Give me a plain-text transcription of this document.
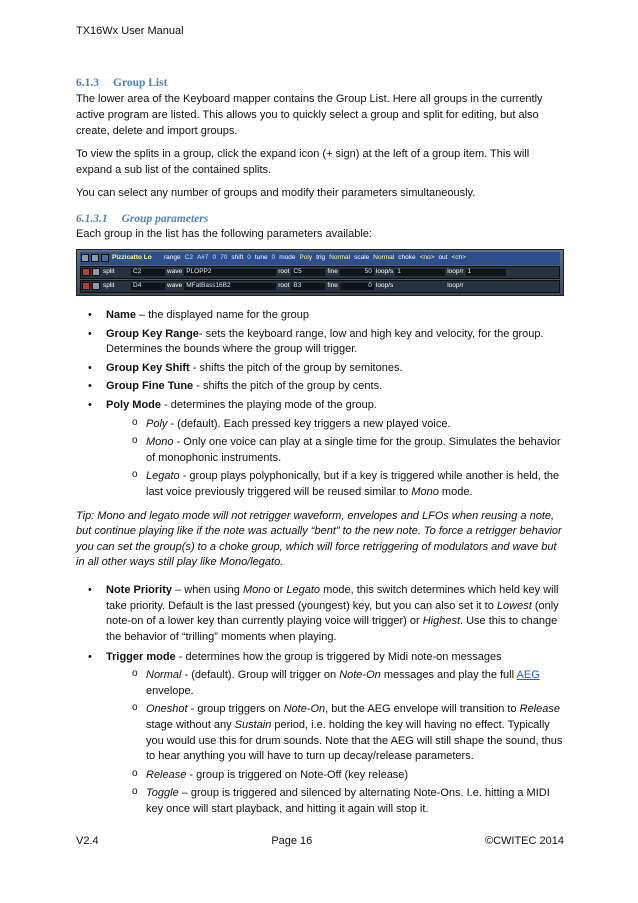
TX16Wx User Manual
6.1.3 Group List

The lower area of the Keyboard mapper contains the Group List. Here all groups in the currently active program are listed. This allows you to quickly select a group and split for editing, but also create, delete and import groups.

To view the splits in a group, click the expand icon (+ sign) at the left of a group item. This will expand a sub list of the contained splits.

You can select any number of groups and modify their parameters simultaneously.

6.1.3.1 Group parameters

Each group in the list has the following parameters available:

Pizzicatto Lo	range C2 A#7 0 70 shift 0 tune 0 mode Poly trig Normal scale Normal choke <no> out <ch>
split	C2	wave PLOPP2	root C5	fine	50 loop/s 1	loop/r 1
split	D4	wave MFatBass16B2	root B3	fine	0 loop/s	loop/r
• Name – the displayed name for the group
• Group Key Range- sets the keyboard range, low and high key and velocity, for the group. Determines the bounds where the group will trigger.
• Group Key Shift - shifts the pitch of the group by semitones.
• Group Fine Tune - shifts the pitch of the group by cents.
• Poly Mode - determines the playing mode of the group.
o Poly - (default). Each pressed key triggers a new played voice.
o Mono - Only one voice can play at a single time for the group. Simulates the behavior of monophonic instruments.
o Legato - group plays polyphonically, but if a key is triggered while another is held, the last voice previously triggered will be reused similar to Mono mode.

Tip: Mono and legato mode will not retrigger waveform, envelopes and LFOs when reusing a note, but continue playing like if the note was actually “bent” to the new note. To force a retrigger behavior you can set the group(s) to a choke group, which will force retriggering of modulators and wave but in all other ways still play like Mono/legato.

• Note Priority – when using Mono or Legato mode, this switch determines which held key will take priority. Default is the last pressed (youngest) key, but you can also set it to Lowest (only note-on of a lower key than currently playing voice will trigger) or Highest. Use this to change the behavior of “trilling” moments when playing.
• Trigger mode - determines how the group is triggered by Midi note-on messages
o Normal - (default). Group will trigger on Note-On messages and play the full AEG envelope.
o Oneshot - group triggers on Note-On, but the AEG envelope will transition to Release stage without any Sustain period, i.e. holding the key will having no effect. Typically you would use this for drum sounds. Note that the AEG will still shape the sound, thus to hear anything you will have to turn up decay/release parameters.
o Release - group is triggered on Note-Off (key release)
o Toggle – group is triggered and silenced by alternating Note-Ons. I.e. hitting a MIDI key once will start playback, and hitting it again will stop it.
V2.4	Page 16	©CWITEC 2014
